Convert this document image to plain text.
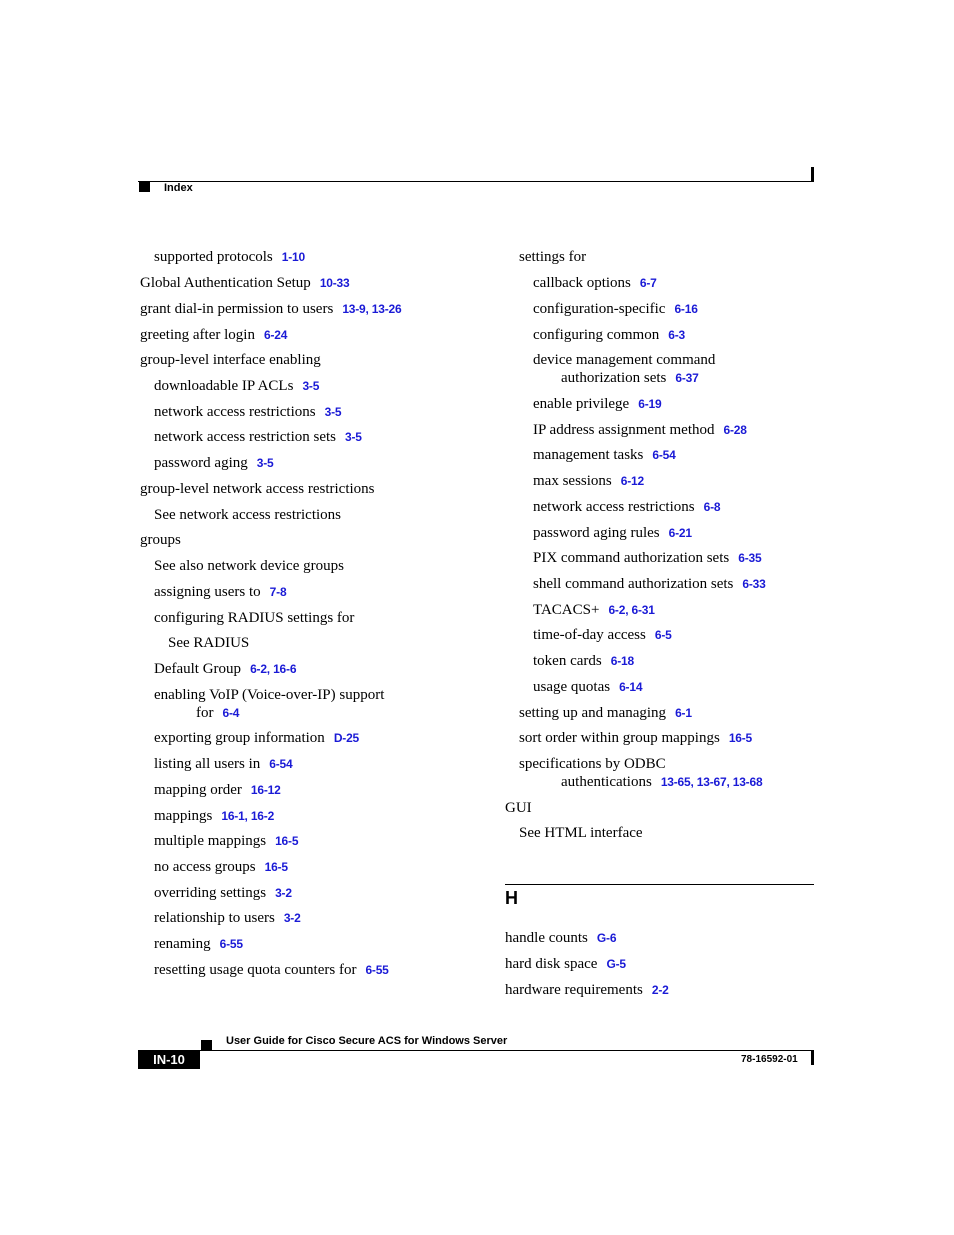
Index
supported protocols 1-10
Global Authentication Setup 10-33
grant dial-in permission to users 13-9, 13-26
greeting after login 6-24
group-level interface enabling
downloadable IP ACLs 3-5
network access restrictions 3-5
network access restriction sets 3-5
password aging 3-5
group-level network access restrictions
See network access restrictions
groups
See also network device groups
assigning users to 7-8
configuring RADIUS settings for
See RADIUS
Default Group 6-2, 16-6
enabling VoIP (Voice-over-IP) support
for 6-4
exporting group information D-25
listing all users in 6-54
mapping order 16-12
mappings 16-1, 16-2
multiple mappings 16-5
no access groups 16-5
overriding settings 3-2
relationship to users 3-2
renaming 6-55
resetting usage quota counters for 6-55
settings for
callback options 6-7
configuration-specific 6-16
configuring common 6-3
device management command
authorization sets 6-37
enable privilege 6-19
IP address assignment method 6-28
management tasks 6-54
max sessions 6-12
network access restrictions 6-8
password aging rules 6-21
PIX command authorization sets 6-35
shell command authorization sets 6-33
TACACS+ 6-2, 6-31
time-of-day access 6-5
token cards 6-18
usage quotas 6-14
setting up and managing 6-1
sort order within group mappings 16-5
specifications by ODBC
authentications 13-65, 13-67, 13-68
GUI
See HTML interface
handle counts G-6
hard disk space G-5
hardware requirements 2-2
H
User Guide for Cisco Secure ACS for Windows Server
IN-10	78-16592-01
